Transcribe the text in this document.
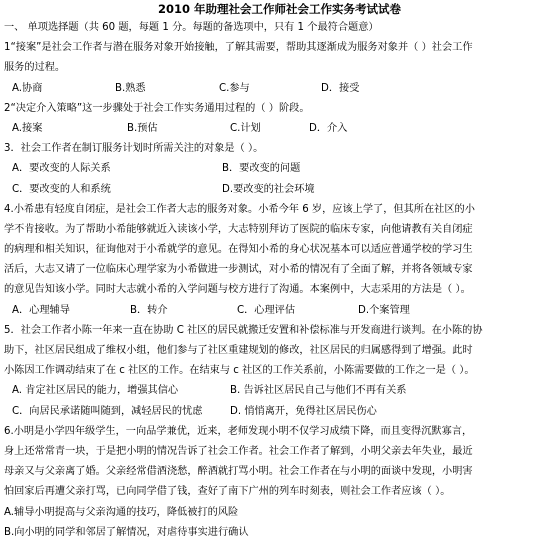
2010 年助理社会工作师社会工作实务考试试卷
一、 单项选择题（共 60 题，每题 1 分。每题的备选项中，只有 1 个最符合题意）
1“接案”是社会工作者与潜在服务对象开始接触，了解其需要，帮助其逐渐成为服务对象并（ ）社会工作
服务的过程。
A.协商	B.熟悉	C.参与	D．接受
2“决定介入策略”这一步骤处于社会工作实务通用过程的（ ）阶段。
A.接案	B.预估	C.计划	D．介入
3．社会工作者在制订服务计划时所需关注的对象是（ ）。
A．要改变的人际关系	B．要改变的问题
C．要改变的人和系统	D.要改变的社会环境
4.小希患有轻度自闭症，是社会工作者大志的服务对象。小希今年 6 岁，应该上学了，但其所在社区的小
学不肯接收。为了帮助小希能够就近入读该小学，大志特别拜访了医院的临床专家，向他请教有关自闭症
的病理和相关知识，征询他对于小希就学的意见。在得知小希的身心状况基本可以适应普通学校的学习生
活后，大志又请了一位临床心理学家为小希做进一步测试，对小希的情况有了全面了解，并将各领域专家
的意见告知该小学。同时大志就小希的入学问题与校方进行了沟通。本案例中，大志采用的方法是（ ）。
A．心理辅导	B．转介	C．心理评估	D.个案管理
5．社会工作者小陈一年来一直在协助 C 社区的居民就搬迁安置和补偿标准与开发商进行谈判。在小陈的协
助下，社区居民组成了维权小组，他们参与了社区重建规划的修改，社区居民的归属感得到了增强。此时
小陈因工作调动结束了在 c 社区的工作。在结束与 c 社区的工作关系前，小陈需要做的工作之一是（ ）。
A. 肯定社区居民的能力，增强其信心	B. 告诉社区居民自己与他们不再有关系
C．向居民承诺随叫随到，减轻居民的忧虑	D. 悄悄离开，免得社区居民伤心
6.小明是小学四年级学生，一向品学兼优，近来，老师发现小明不仅学习成绩下降，而且变得沉默寡言，
身上还常常青一块，于是把小明的情况告诉了社会工作者。社会工作者了解到，小明父亲去年失业，最近
母亲又与父亲离了婚。父亲经常借酒浇愁，醉酒就打骂小明。社会工作者在与小明的面谈中发现，小明害
怕回家后再遭父亲打骂，已向同学借了钱，查好了南下广州的列车时刻表，则社会工作者应该（ ）。
A.辅导小明提高与父亲沟通的技巧，降低被打的风险
B.向小明的同学和邻居了解情况，对虐待事实进行确认
